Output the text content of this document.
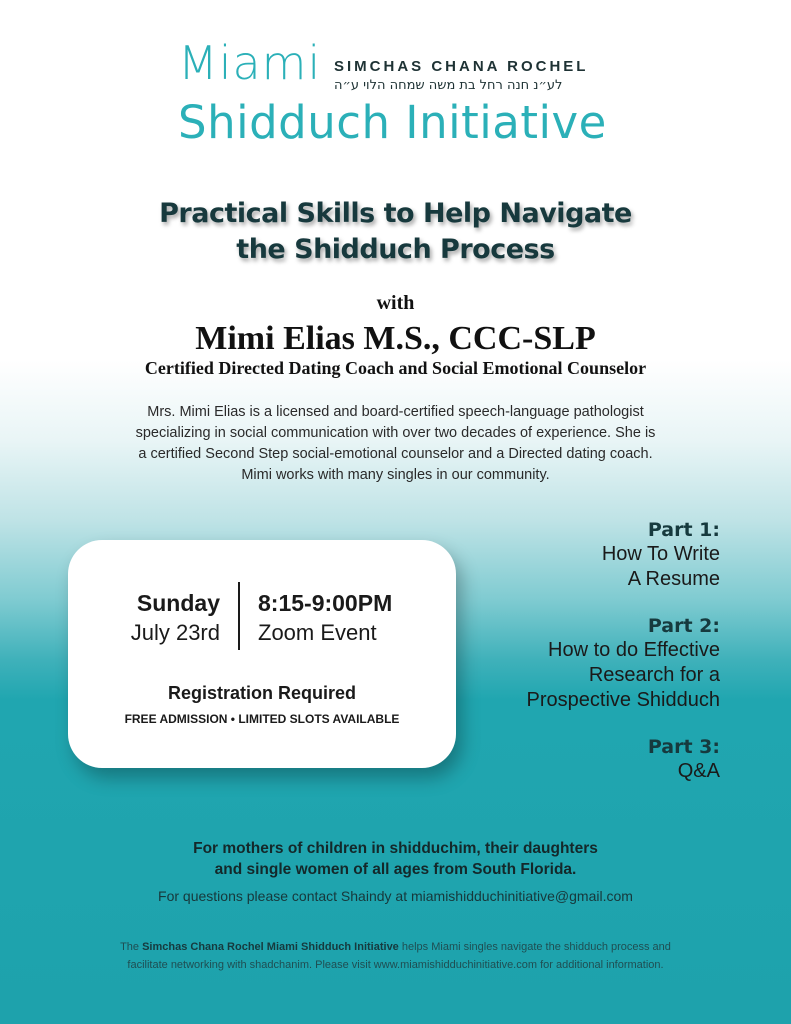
Miami SIMCHAS CHANA ROCHEL
לע״נ חנה רחל בת משה שמחה הלוי ע״ה
Shidduch Initiative
Practical Skills to Help Navigate
the Shidduch Process
with
Mimi Elias M.S., CCC-SLP
Certified Directed Dating Coach and Social Emotional Counselor
Mrs. Mimi Elias is a licensed and board-certified speech-language pathologist
specializing in social communication with over two decades of experience. She is
a certified Second Step social-emotional counselor and a Directed dating coach.
Mimi works with many singles in our community.
Sunday
July 23rd
8:15-9:00PM
Zoom Event
Registration Required
FREE ADMISSION • LIMITED SLOTS AVAILABLE
Part 1:
How To Write
A Resume
Part 2:
How to do Effective
Research for a
Prospective Shidduch
Part 3:
Q&A
For mothers of children in shidduchim, their daughters
and single women of all ages from South Florida.
For questions please contact Shaindy at miamishidduchinitiative@gmail.com
The Simchas Chana Rochel Miami Shidduch Initiative helps Miami singles navigate the shidduch process and
facilitate networking with shadchanim. Please visit www.miamishidduchinitiative.com for additional information.
